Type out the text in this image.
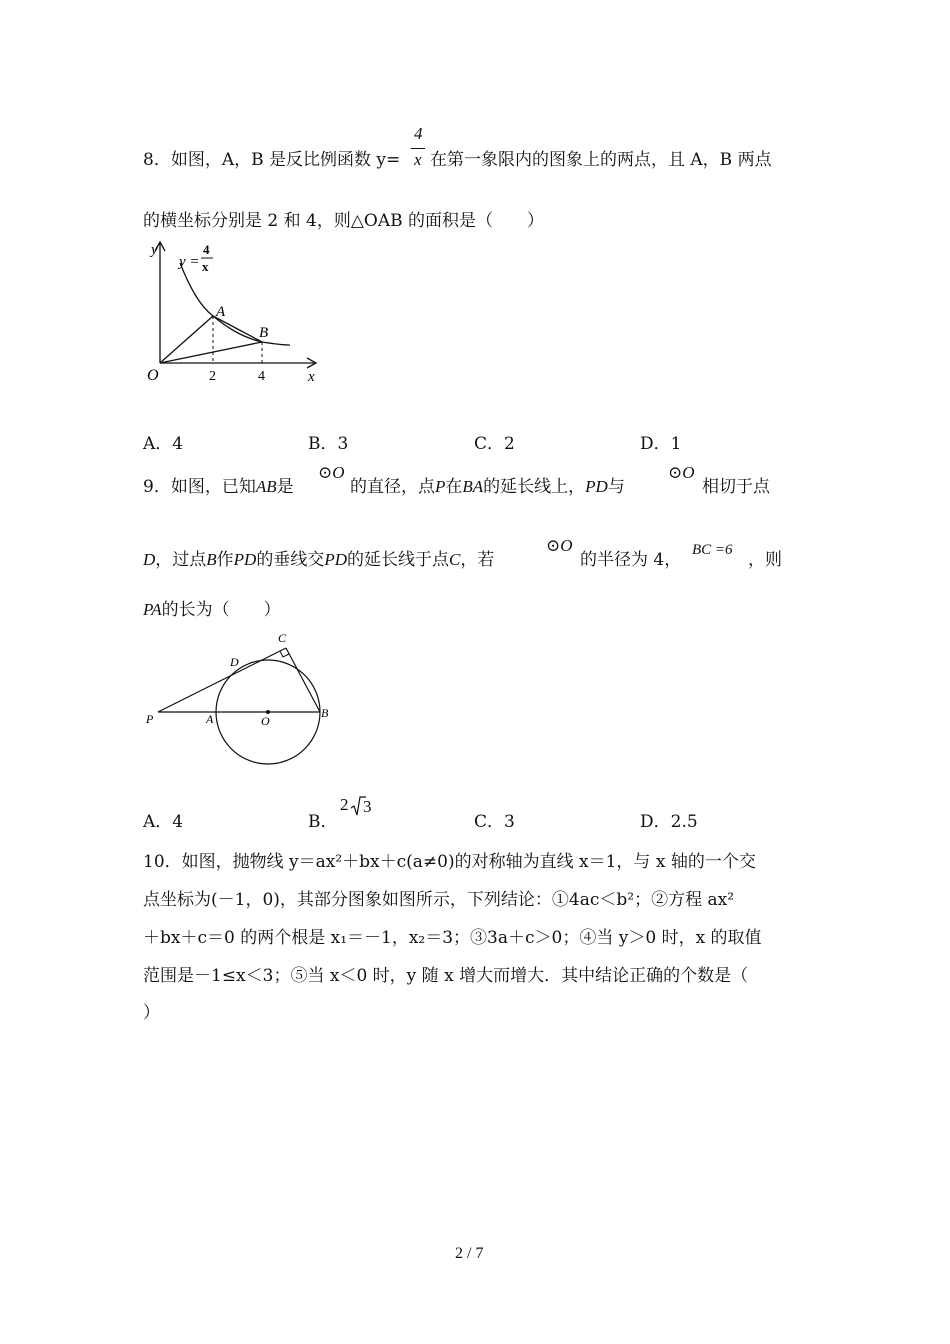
8．如图，A，B 是反比例函数 y=
4
x 在第一象限内的图象上的两点，且 A，B 两点
的横坐标分别是 2 和 4，则△OAB 的面积是（　　）
y
y =
4
x
A
B
O	2	4	x
A．4	B．3	C．2	D．1
9．如图，已知AB是
⊙O
的直径，点P在BA的延长线上，PD与
⊙O
相切于点
D，过点B作PD的垂线交PD的延长线于点C，若
⊙O
的半径为 4， BC =6 ，则
PA的长为（　　）
C
D
P	A	O
B
A．4	B．
2 3
C．3	D．2.5
10．如图，抛物线 y＝ax²＋bx＋c(a≠0)的对称轴为直线 x＝1，与 x 轴的一个交
点坐标为(－1，0)，其部分图象如图所示，下列结论：①4ac＜b²；②方程 ax²
＋bx＋c＝0 的两个根是 x₁＝－1，x₂＝3；③3a＋c＞0；④当 y＞0 时，x 的取值
范围是－1≤x＜3；⑤当 x＜0 时，y 随 x 增大而增大．其中结论正确的个数是（
）
2 / 7
